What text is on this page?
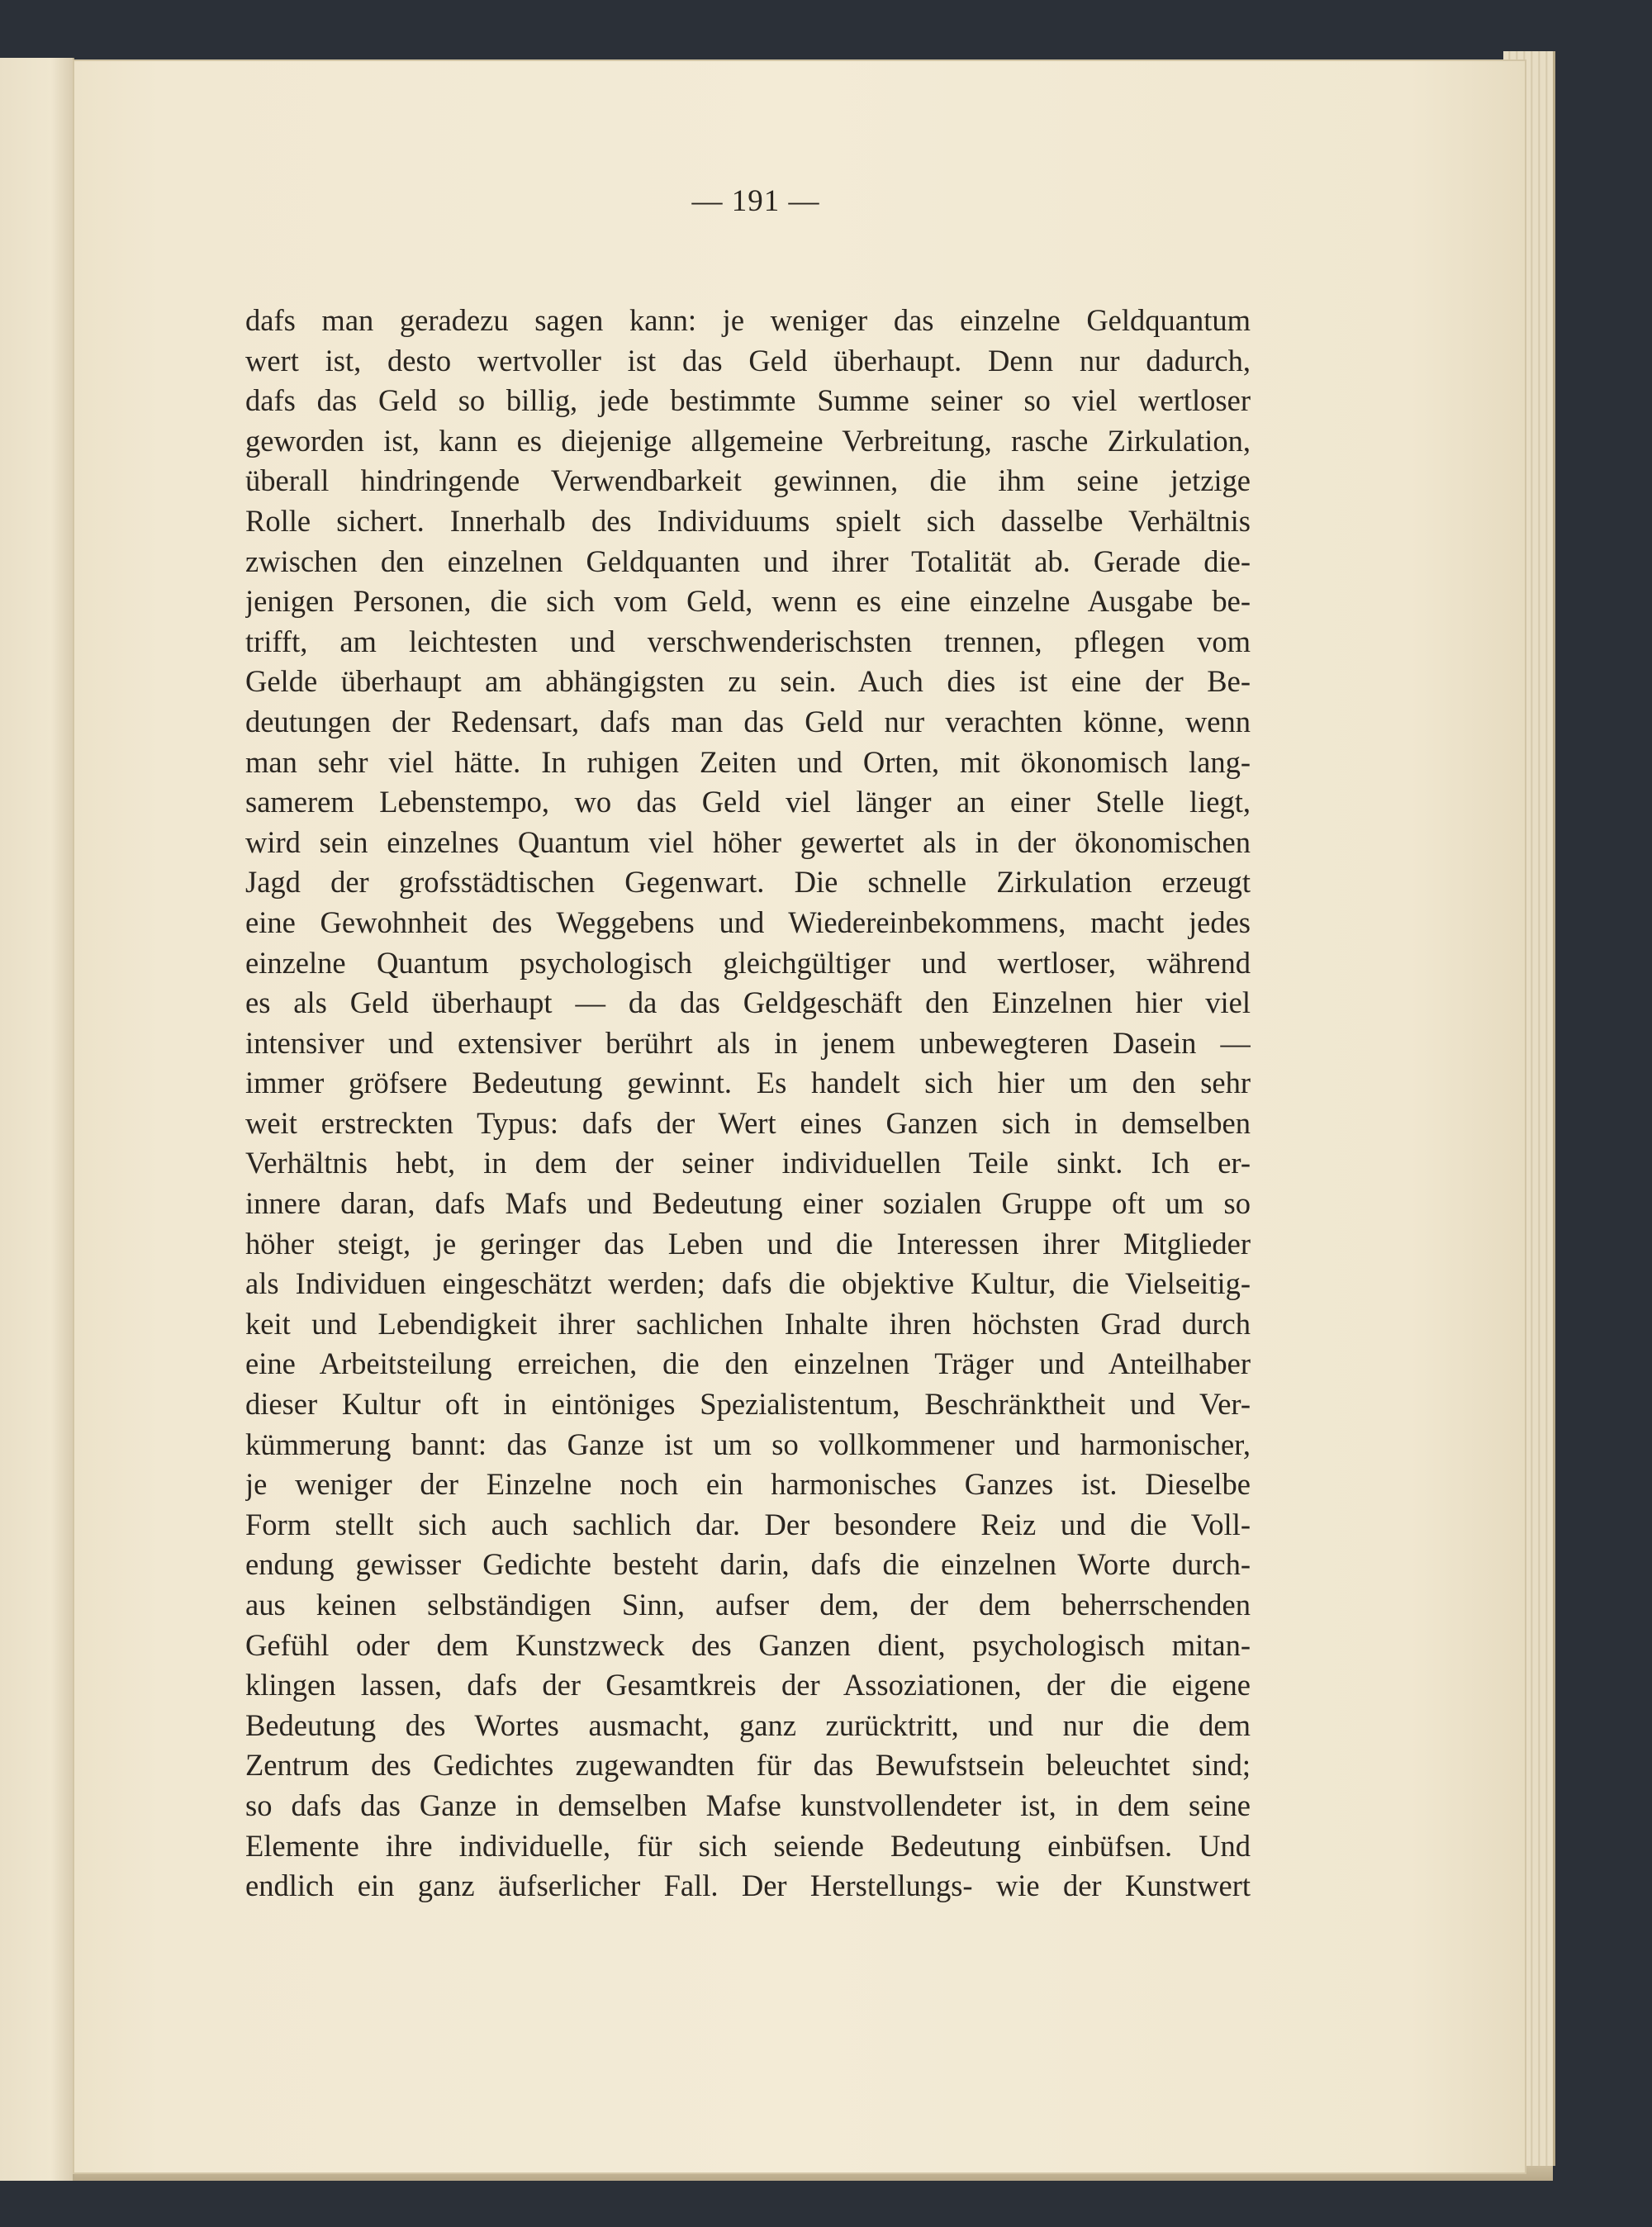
— 191 —
dafs man geradezu sagen kann: je weniger das einzelne Geldquantum
wert ist, desto wertvoller ist das Geld überhaupt. Denn nur dadurch,
dafs das Geld so billig, jede bestimmte Summe seiner so viel wertloser
geworden ist, kann es diejenige allgemeine Verbreitung, rasche Zirkulation,
überall hindringende Verwendbarkeit gewinnen, die ihm seine jetzige
Rolle sichert. Innerhalb des Individuums spielt sich dasselbe Verhältnis
zwischen den einzelnen Geldquanten und ihrer Totalität ab. Gerade die-
jenigen Personen, die sich vom Geld, wenn es eine einzelne Ausgabe be-
trifft, am leichtesten und verschwenderischsten trennen, pflegen vom
Gelde überhaupt am abhängigsten zu sein. Auch dies ist eine der Be-
deutungen der Redensart, dafs man das Geld nur verachten könne, wenn
man sehr viel hätte. In ruhigen Zeiten und Orten, mit ökonomisch lang-
samerem Lebenstempo, wo das Geld viel länger an einer Stelle liegt,
wird sein einzelnes Quantum viel höher gewertet als in der ökonomischen
Jagd der grofsstädtischen Gegenwart. Die schnelle Zirkulation erzeugt
eine Gewohnheit des Weggebens und Wiedereinbekommens, macht jedes
einzelne Quantum psychologisch gleichgültiger und wertloser, während
es als Geld überhaupt — da das Geldgeschäft den Einzelnen hier viel
intensiver und extensiver berührt als in jenem unbewegteren Dasein —
immer gröfsere Bedeutung gewinnt. Es handelt sich hier um den sehr
weit erstreckten Typus: dafs der Wert eines Ganzen sich in demselben
Verhältnis hebt, in dem der seiner individuellen Teile sinkt. Ich er-
innere daran, dafs Mafs und Bedeutung einer sozialen Gruppe oft um so
höher steigt, je geringer das Leben und die Interessen ihrer Mitglieder
als Individuen eingeschätzt werden; dafs die objektive Kultur, die Vielseitig-
keit und Lebendigkeit ihrer sachlichen Inhalte ihren höchsten Grad durch
eine Arbeitsteilung erreichen, die den einzelnen Träger und Anteilhaber
dieser Kultur oft in eintöniges Spezialistentum, Beschränktheit und Ver-
kümmerung bannt: das Ganze ist um so vollkommener und harmonischer,
je weniger der Einzelne noch ein harmonisches Ganzes ist. Dieselbe
Form stellt sich auch sachlich dar. Der besondere Reiz und die Voll-
endung gewisser Gedichte besteht darin, dafs die einzelnen Worte durch-
aus keinen selbständigen Sinn, aufser dem, der dem beherrschenden
Gefühl oder dem Kunstzweck des Ganzen dient, psychologisch mitan-
klingen lassen, dafs der Gesamtkreis der Assoziationen, der die eigene
Bedeutung des Wortes ausmacht, ganz zurücktritt, und nur die dem
Zentrum des Gedichtes zugewandten für das Bewufstsein beleuchtet sind;
so dafs das Ganze in demselben Mafse kunstvollendeter ist, in dem seine
Elemente ihre individuelle, für sich seiende Bedeutung einbüfsen. Und
endlich ein ganz äufserlicher Fall. Der Herstellungs- wie der Kunstwert
